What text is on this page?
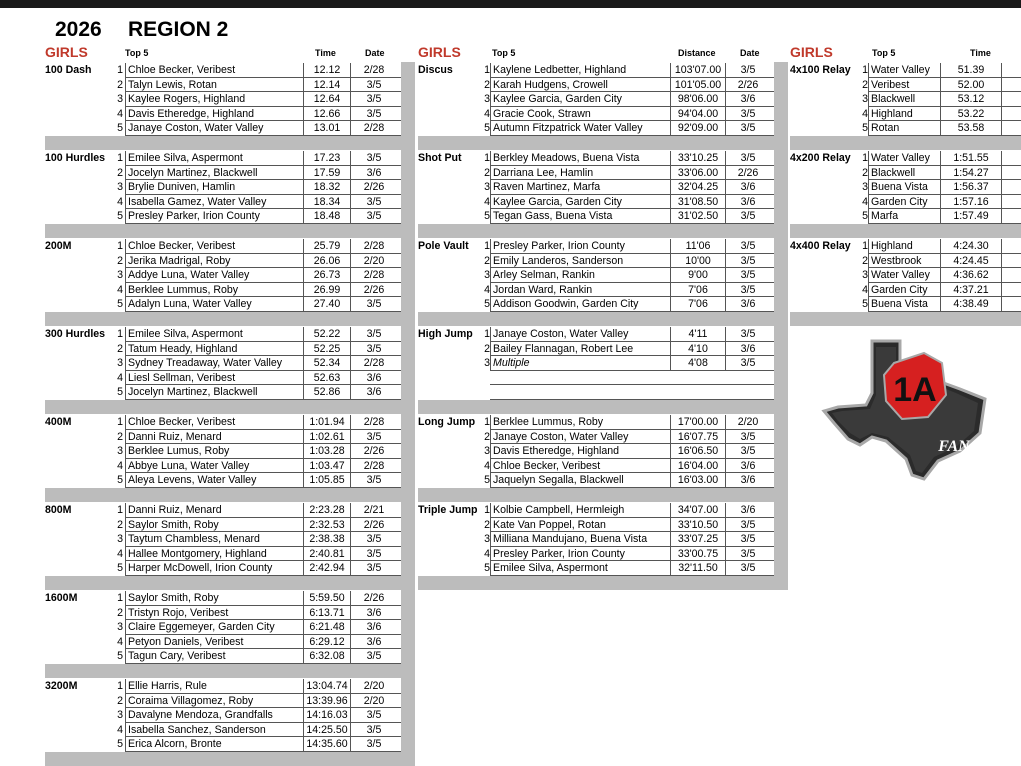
2026 REGION 2
GIRLS	Top 5	Time	Date
100 Dash	1 Chloe Becker, Veribest	12.12	2/28
2 Talyn Lewis, Rotan	12.14	3/5
3 Kaylee Rogers, Highland	12.64	3/5
4 Davis Etheredge, Highland	12.66	3/5
5 Janaye Coston, Water Valley	13.01	2/28
100 Hurdles	1 Emilee Silva, Aspermont	17.23	3/5
2 Jocelyn Martinez, Blackwell	17.59	3/6
3 Brylie Duniven, Hamlin	18.32	2/26
4 Isabella Gamez, Water Valley	18.34	3/5
5 Presley Parker, Irion County	18.48	3/5
200M	1 Chloe Becker, Veribest	25.79	2/28
2 Jerika Madrigal, Roby	26.06	2/20
3 Addye Luna, Water Valley	26.73	2/28
4 Berklee Lummus, Roby	26.99	2/26
5 Adalyn Luna, Water Valley	27.40	3/5
300 Hurdles	1 Emilee Silva, Aspermont	52.22	3/5
2 Tatum Heady, Highland	52.25	3/5
3 Sydney Treadaway, Water Valley	52.34	2/28
4 Liesl Sellman, Veribest	52.63	3/6
5 Jocelyn Martinez, Blackwell	52.86	3/6
400M	1 Chloe Becker, Veribest	1:01.94	2/28
2 Danni Ruiz, Menard	1:02.61	3/5
3 Berklee Lumus, Roby	1:03.28	2/26
4 Abbye Luna, Water Valley	1:03.47	2/28
5 Aleya Levens, Water Valley	1:05.85	3/5
800M	1 Danni Ruiz, Menard	2:23.28	2/21
2 Saylor Smith, Roby	2:32.53	2/26
3 Taytum Chambless, Menard	2:38.38	3/5
4 Hallee Montgomery, Highland	2:40.81	3/5
5 Harper McDowell, Irion County	2:42.94	3/5
1600M	1 Saylor Smith, Roby	5:59.50	2/26
2 Tristyn Rojo, Veribest	6:13.71	3/6
3 Claire Eggemeyer, Garden City	6:21.48	3/6
4 Petyon Daniels, Veribest	6:29.12	3/6
5 Tagun Cary, Veribest	6:32.08	3/5
3200M	1 Ellie Harris, Rule	13:04.74	2/20
2 Coraima Villagomez, Roby	13:39.96	2/20
3 Davalyne Mendoza, Grandfalls	14:16.03	3/5
4 Isabella Sanchez, Sanderson	14:25.50	3/5
5 Erica Alcorn, Bronte	14:35.60	3/5
GIRLS	Top 5	Distance	Date
Discus	1 Kaylene Ledbetter, Highland	103'07.00	3/5
2 Karah Hudgens, Crowell	101'05.00	2/26
3 Kaylee Garcia, Garden City	98'06.00	3/6
4 Gracie Cook, Strawn	94'04.00	3/5
5 Autumn Fitzpatrick Water Valley	92'09.00	3/5
Shot Put	1 Berkley Meadows, Buena Vista	33'10.25	3/5
2 Darriana Lee, Hamlin	33'06.00	2/26
3 Raven Martinez, Marfa	32'04.25	3/6
4 Kaylee Garcia, Garden City	31'08.50	3/6
5 Tegan Gass, Buena Vista	31'02.50	3/5
Pole Vault	1 Presley Parker, Irion County	11'06	3/5
2 Emily Landeros, Sanderson	10'00	3/5
3 Arley Selman, Rankin	9'00	3/5
4 Jordan Ward, Rankin	7'06	3/5
5 Addison Goodwin, Garden City	7'06	3/6
High Jump	1 Janaye Coston, Water Valley	4'11	3/5
2 Bailey Flannagan, Robert Lee	4'10	3/6
3 Multiple	4'08	3/5
Long Jump 1 Berklee Lummus, Roby	17'00.00	2/20
2 Janaye Coston, Water Valley	16'07.75	3/5
3 Davis Etheredge, Highland	16'06.50	3/5
4 Chloe Becker, Veribest	16'04.00	3/6
5 Jaquelyn Segalla, Blackwell	16'03.00	3/6
Triple Jump 1 Kolbie Campbell, Hermleigh	34'07.00	3/6
2 Kate Van Poppel, Rotan	33'10.50	3/5
3 Milliana Mandujano, Buena Vista	33'07.25	3/5
4 Presley Parker, Irion County	33'00.75	3/5
5 Emilee Silva, Aspermont	32'11.50	3/5
GIRLS	Top 5	Time
4x100 Relay	1 Water Valley	51.39
2 Veribest	52.00
3 Blackwell	53.12
4 Highland	53.22
5 Rotan	53.58
4x200 Relay	1 Water Valley	1:51.55
2 Blackwell	1:54.27
3 Buena Vista	1:56.37
4 Garden City	1:57.16
5 Marfa	1:57.49
4x400 Relay	1 Highland	4:24.30
2 Westbrook	4:24.45
3 Water Valley	4:36.62
4 Garden City	4:37.21
5 Buena Vista	4:38.49
1A
FAN
